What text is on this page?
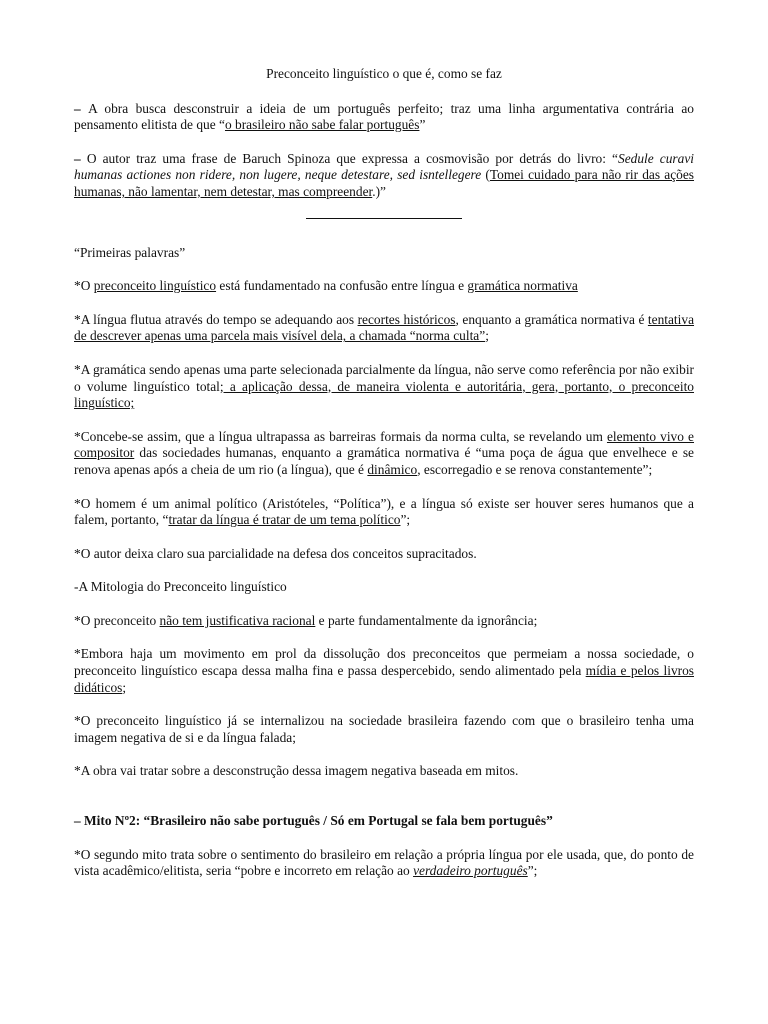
Preconceito linguístico o que é, como se faz

– A obra busca desconstruir a ideia de um português perfeito; traz uma linha argumentativa contrária ao pensamento elitista de que “o brasileiro não sabe falar português”

– O autor traz uma frase de Baruch Spinoza que expressa a cosmovisão por detrás do livro: “Sedule curavi humanas actiones non ridere, non lugere, neque detestare, sed isntellegere (Tomei cuidado para não rir das ações humanas, não lamentar, nem detestar, mas compreender.)”

“Primeiras palavras”

*O preconceito linguístico está fundamentado na confusão entre língua e gramática normativa

*A língua flutua através do tempo se adequando aos recortes históricos, enquanto a gramática normativa é tentativa de descrever apenas uma parcela mais visível dela, a chamada “norma culta”;

*A gramática sendo apenas uma parte selecionada parcialmente da língua, não serve como referência por não exibir o volume linguístico total; a aplicação dessa, de maneira violenta e autoritária, gera, portanto, o preconceito linguístico;

*Concebe-se assim, que a língua ultrapassa as barreiras formais da norma culta, se revelando um elemento vivo e compositor das sociedades humanas, enquanto a gramática normativa é “uma poça de água que envelhece e se renova apenas após a cheia de um rio (a língua), que é dinâmico, escorregadio e se renova constantemente”;

*O homem é um animal político (Aristóteles, “Política”), e a língua só existe ser houver seres humanos que a falem, portanto, “tratar da língua é tratar de um tema político”;

*O autor deixa claro sua parcialidade na defesa dos conceitos supracitados.

-A Mitologia do Preconceito linguístico

*O preconceito não tem justificativa racional e parte fundamentalmente da ignorância;

*Embora haja um movimento em prol da dissolução dos preconceitos que permeiam a nossa sociedade, o preconceito linguístico escapa dessa malha fina e passa despercebido, sendo alimentado pela mídia e pelos livros didáticos;

*O preconceito linguístico já se internalizou na sociedade brasileira fazendo com que o brasileiro tenha uma imagem negativa de si e da língua falada;

*A obra vai tratar sobre a desconstrução dessa imagem negativa baseada em mitos.

– Mito Nº2: “Brasileiro não sabe português / Só em Portugal se fala bem português”

*O segundo mito trata sobre o sentimento do brasileiro em relação a própria língua por ele usada, que, do ponto de vista acadêmico/elitista, seria “pobre e incorreto em relação ao verdadeiro português”;
